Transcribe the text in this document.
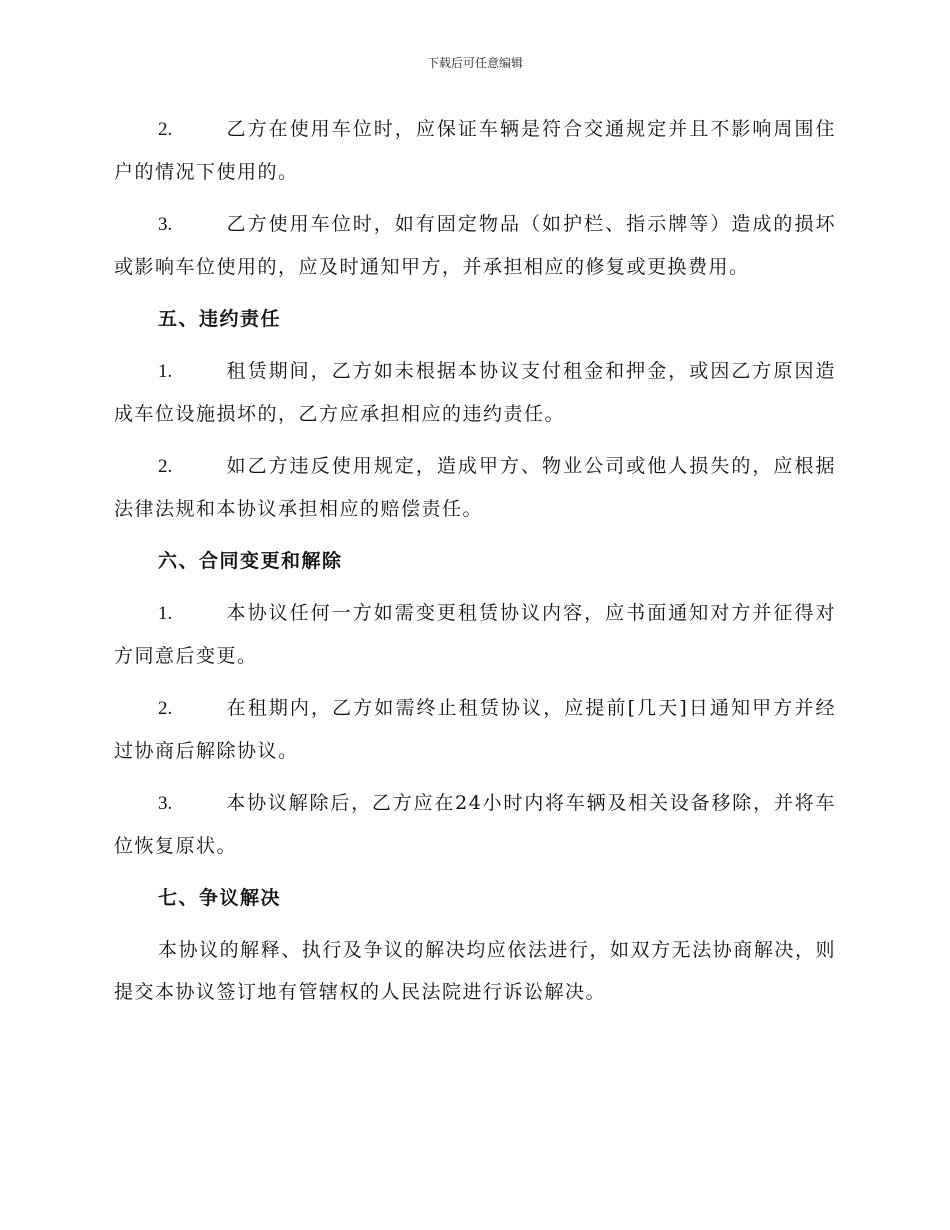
下载后可任意编辑

2.	乙方在使用车位时，应保证车辆是符合交通规定并且不影响周围住户的情况下使用的。

3.	乙方使用车位时，如有固定物品（如护栏、指示牌等）造成的损坏或影响车位使用的，应及时通知甲方，并承担相应的修复或更换费用。

五、违约责任

1.	租赁期间，乙方如未根据本协议支付租金和押金，或因乙方原因造成车位设施损坏的，乙方应承担相应的违约责任。

2.	如乙方违反使用规定，造成甲方、物业公司或他人损失的，应根据法律法规和本协议承担相应的赔偿责任。

六、合同变更和解除

1.	本协议任何一方如需变更租赁协议内容，应书面通知对方并征得对方同意后变更。

2.	在租期内，乙方如需终止租赁协议，应提前[几天]日通知甲方并经过协商后解除协议。

3.	本协议解除后，乙方应在24小时内将车辆及相关设备移除，并将车位恢复原状。

七、争议解决

本协议的解释、执行及争议的解决均应依法进行，如双方无法协商解决，则提交本协议签订地有管辖权的人民法院进行诉讼解决。
